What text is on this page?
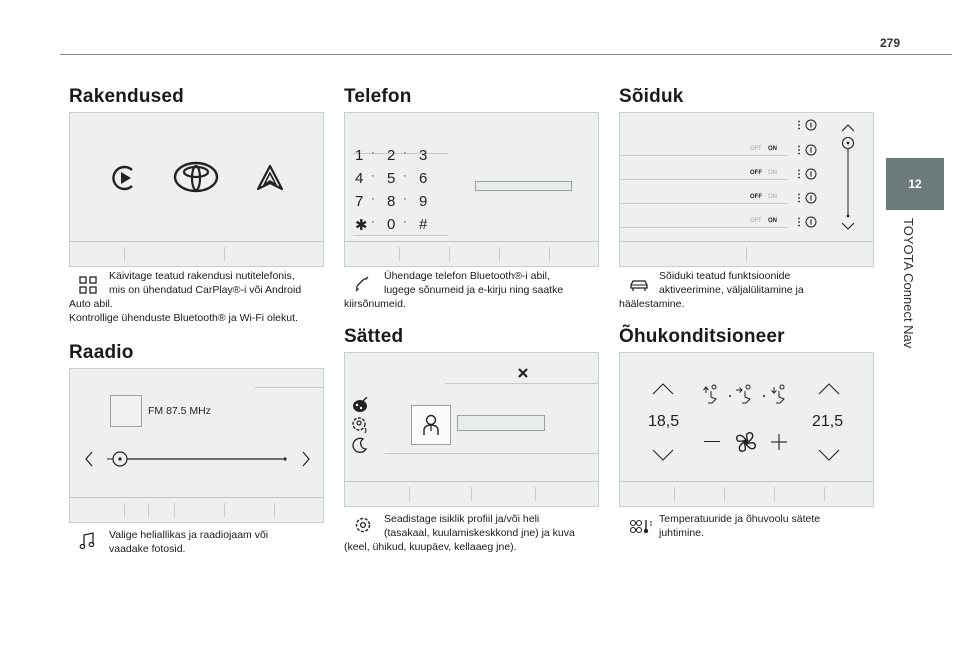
279
12
TOYOTA Connect Nav
Rakendused
Käivitage teatud rakendusi nutitelefonis,
mis on ühendatud CarPlay®-i või Android
Auto abil.
Kontrollige ühenduste Bluetooth® ja Wi-Fi olekut.
Raadio
FM 87.5 MHz
Valige heliallikas ja raadiojaam või
vaadake fotosid.
Telefon
1 · 2 · 3
4 · 5 · 6
7 · 8 · 9
✱ · 0 · #
Ühendage telefon Bluetooth®-i abil,
lugege sõnumeid ja e-kirju ning saatke
kiirsõnumeid.
Sätted
Seadistage isiklik profiil ja/või heli
(tasakaal, kuulamiskeskkond jne) ja kuva
(keel, ühikud, kuupäev, kellaaeg jne).
Sõiduk
OFF ON
OFF ON
OFF ON
OFF ON
Sõiduki teatud funktsioonide
aktiveerimine, väljalülitamine ja
häälestamine.
Õhukonditsioneer
18,5	21,5
Temperatuuride ja õhuvoolu sätete
juhtimine.
